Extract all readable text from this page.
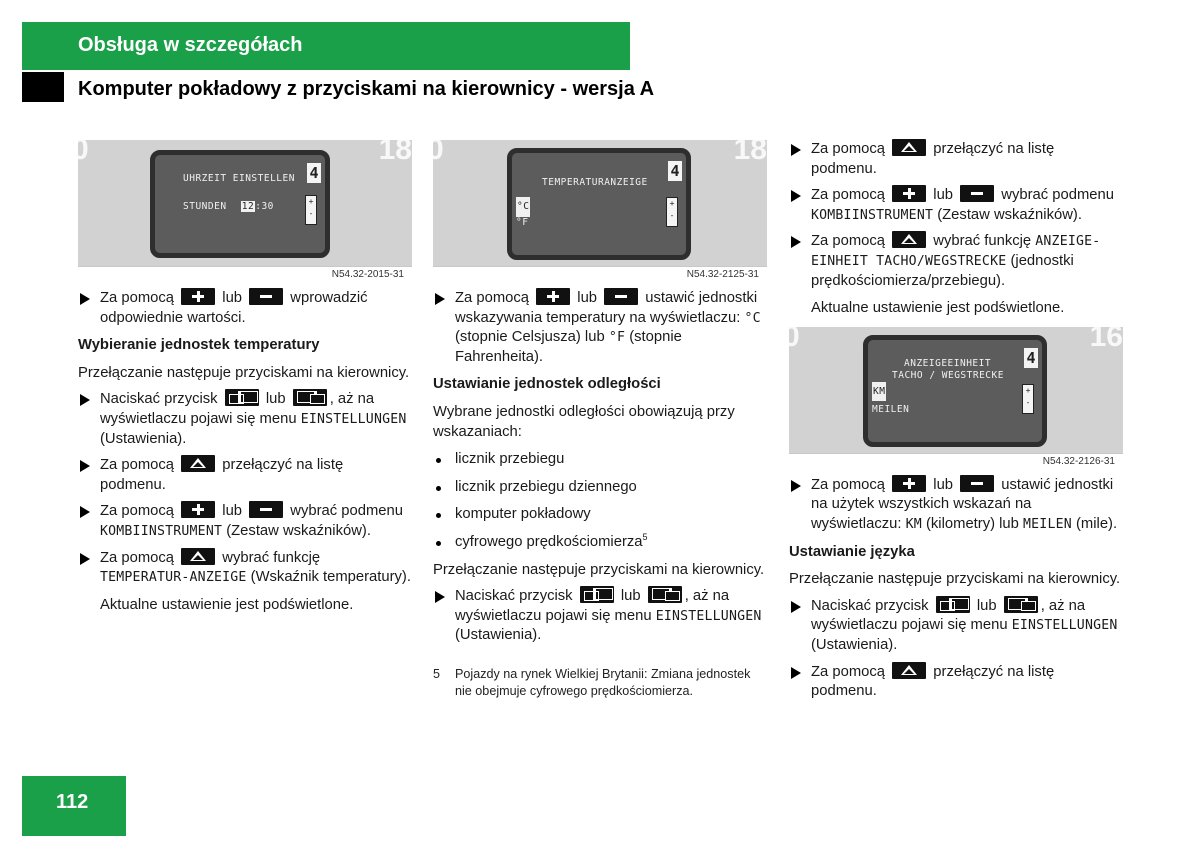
Obsługa w szczegółach
Komputer pokładowy z przyciskami na kierownicy - wersja A
0	18
UHRZEIT EINSTELLEN
STUNDEN 12:30
4
+
-
N54.32-2015-31
Za pomocą	lub	wprowadzić odpowiednie wartości.
Wybieranie jednostek temperatury
Przełączanie następuje przyciskami na kierownicy.
Naciskać przycisk	lub	, aż na wyświetlaczu pojawi się menu EINSTELLUNGEN (Ustawienia).
Za pomocą	przełączyć na listę podmenu.
Za pomocą	lub	wybrać podmenu KOMBIINSTRUMENT (Zestaw wskaźników).
Za pomocą	wybrać funkcję TEMPERATUR-ANZEIGE (Wskaźnik temperatury).
Aktualne ustawienie jest podświetlone.
0	18
TEMPERATURANZEIGE
°C
°F
4
+
-
N54.32-2125-31
Za pomocą	lub	ustawić jednostki wskazywania temperatury na wyświetlaczu: °C (stopnie Celsjusza) lub °F (stopnie Fahrenheita).
Ustawianie jednostek odległości
Wybrane jednostki odległości obowiązują przy wskazaniach:
licznik przebiegu
licznik przebiegu dziennego
komputer pokładowy
cyfrowego prędkościomierza$^5$
Przełączanie następuje przyciskami na kierownicy.
Naciskać przycisk	lub	, aż na wyświetlaczu pojawi się menu EINSTELLUNGEN (Ustawienia).
5 Pojazdy na rynek Wielkiej Brytanii: Zmiana jednostek nie obejmuje cyfrowego prędkościomierza.
Za pomocą	przełączyć na listę podmenu.
Za pomocą	lub	wybrać podmenu KOMBIINSTRUMENT (Zestaw wskaźników).
Za pomocą	wybrać funkcję ANZEIGE-EINHEIT TACHO/WEGSTRECKE (jednostki prędkościomierza/przebiegu).
Aktualne ustawienie jest podświetlone.
0	16
ANZEIGEEINHEIT
TACHO / WEGSTRECKE
KM
MEILEN
4
+
-
N54.32-2126-31
Za pomocą	lub	ustawić jednostki na użytek wszystkich wskazań na wyświetlaczu: KM (kilometry) lub MEILEN (mile).
Ustawianie języka
Przełączanie następuje przyciskami na kierownicy.
Naciskać przycisk	lub	, aż na wyświetlaczu pojawi się menu EINSTELLUNGEN (Ustawienia).
Za pomocą	przełączyć na listę podmenu.
112
